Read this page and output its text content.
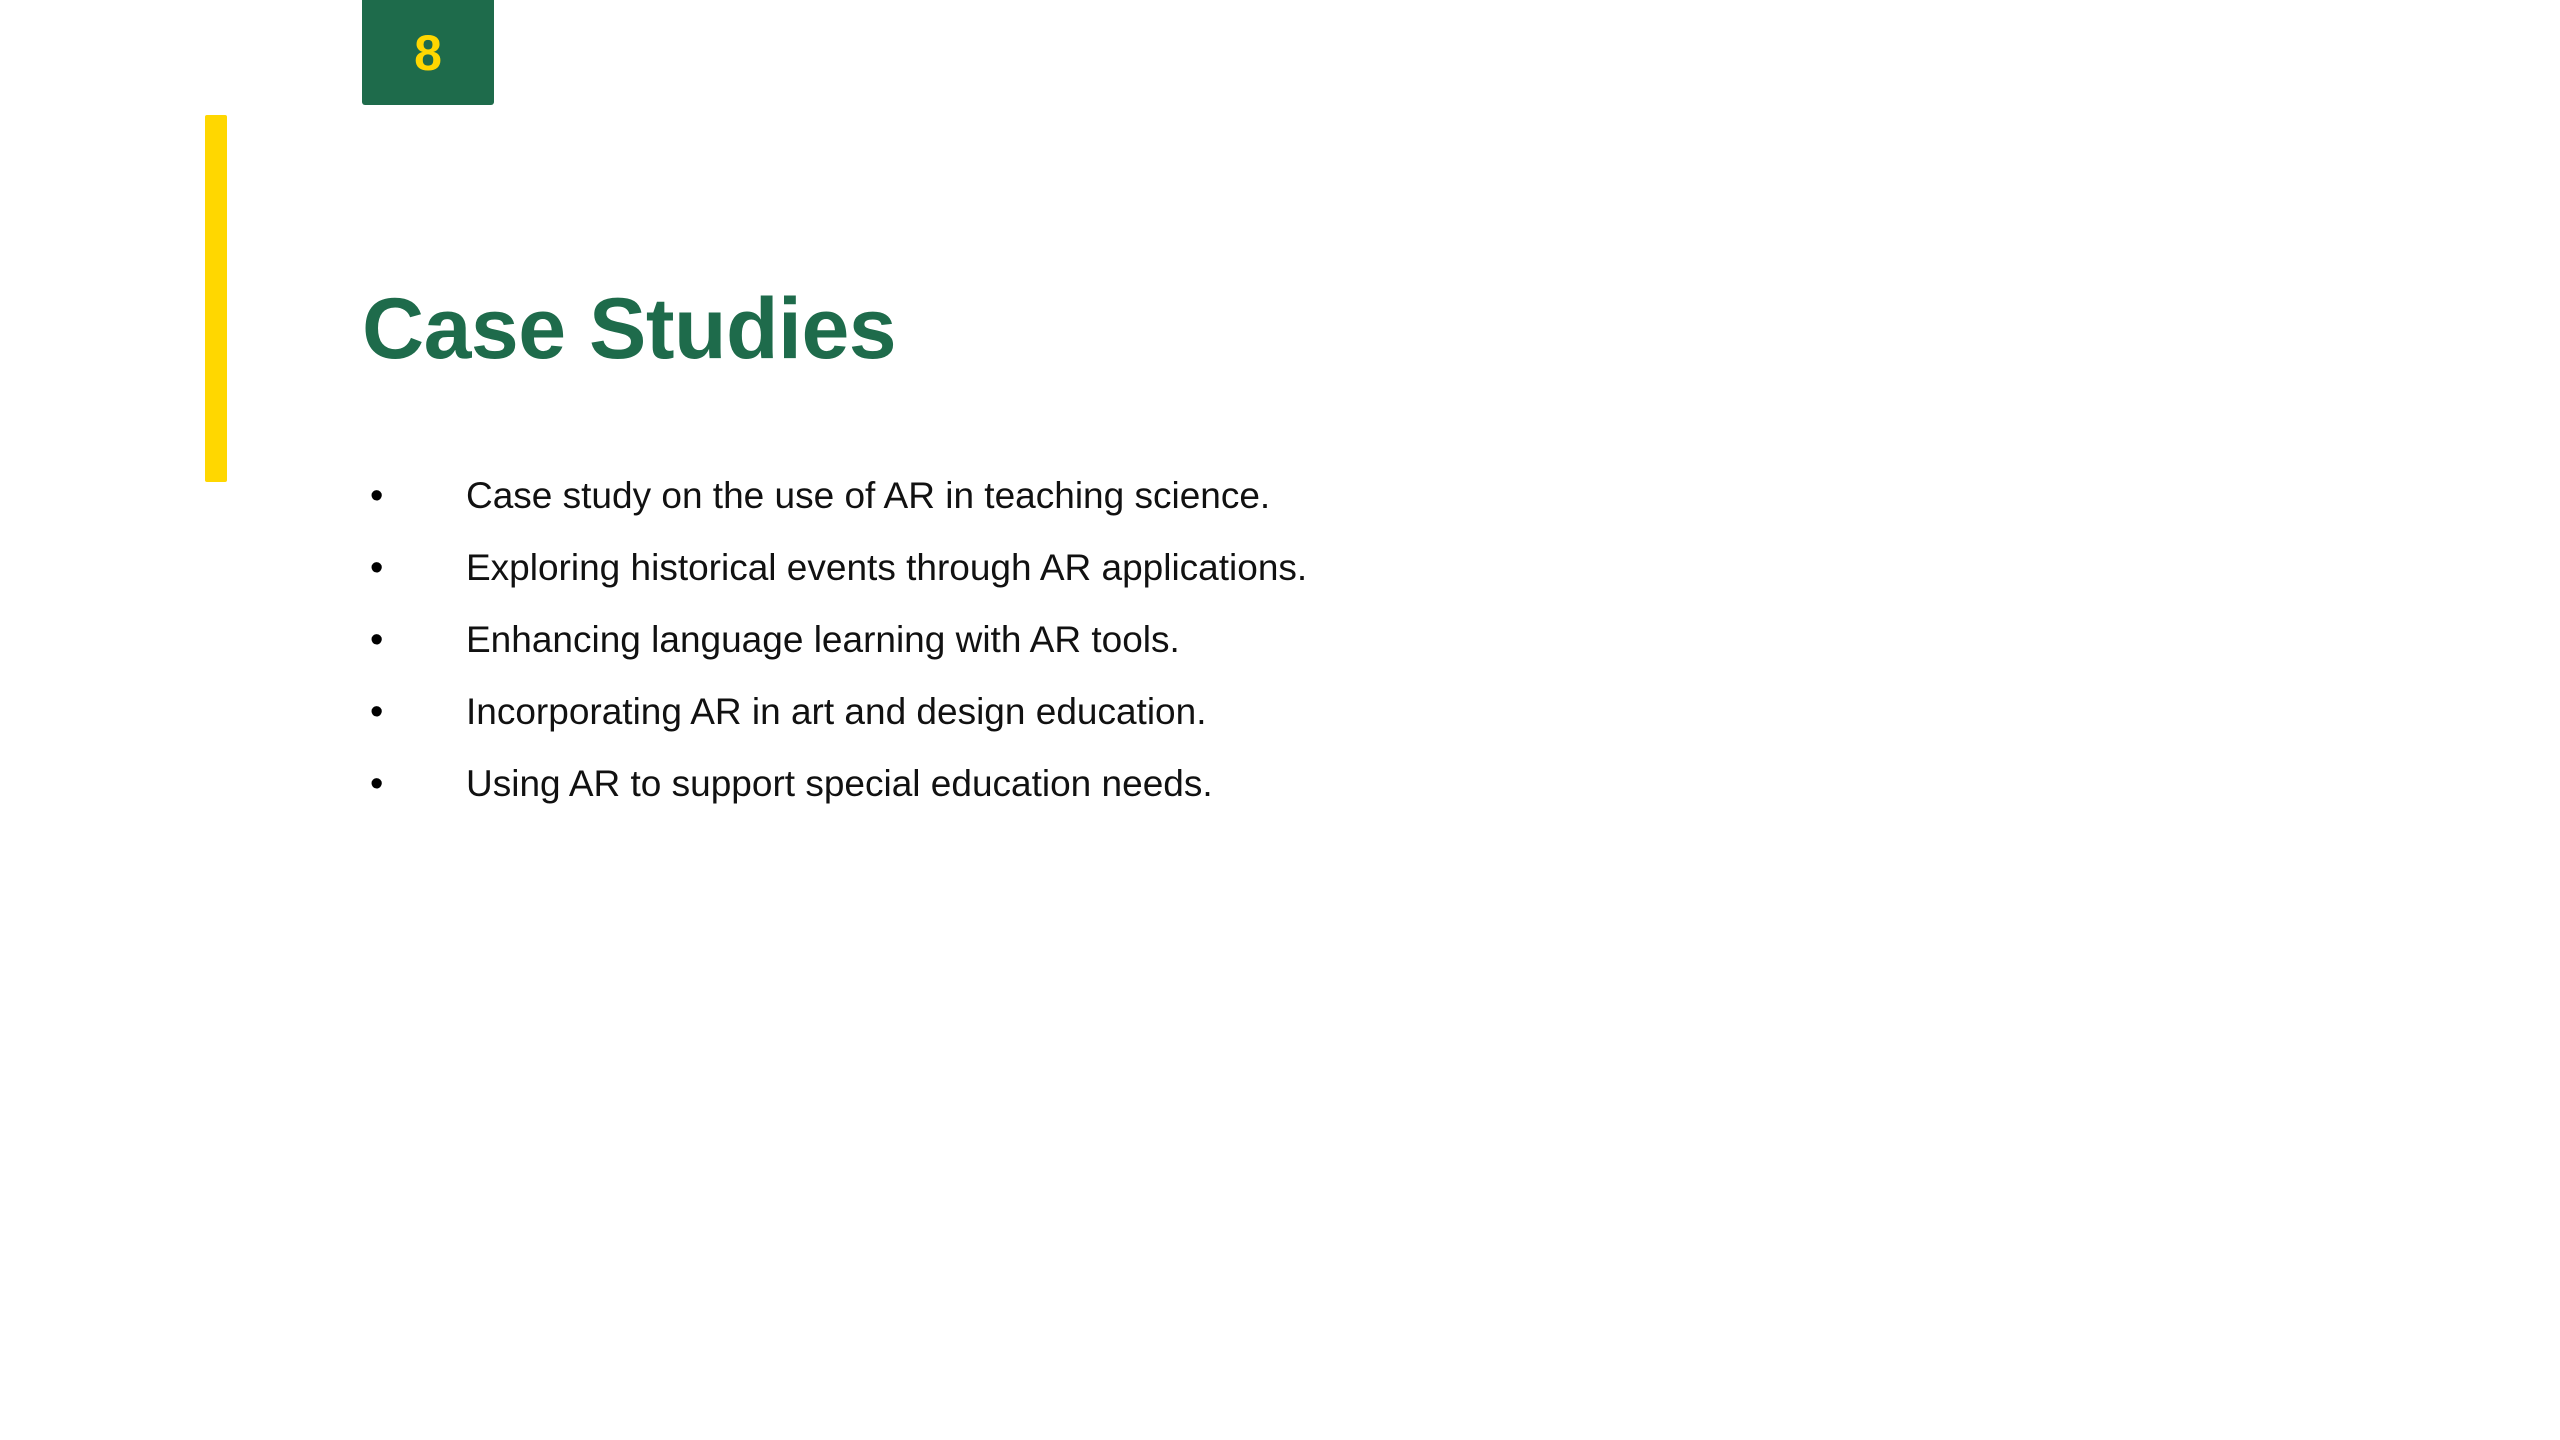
8
Case Studies
•	Case study on the use of AR in teaching science.
•	Exploring historical events through AR applications.
•	Enhancing language learning with AR tools.
•	Incorporating AR in art and design education.
•	Using AR to support special education needs.
